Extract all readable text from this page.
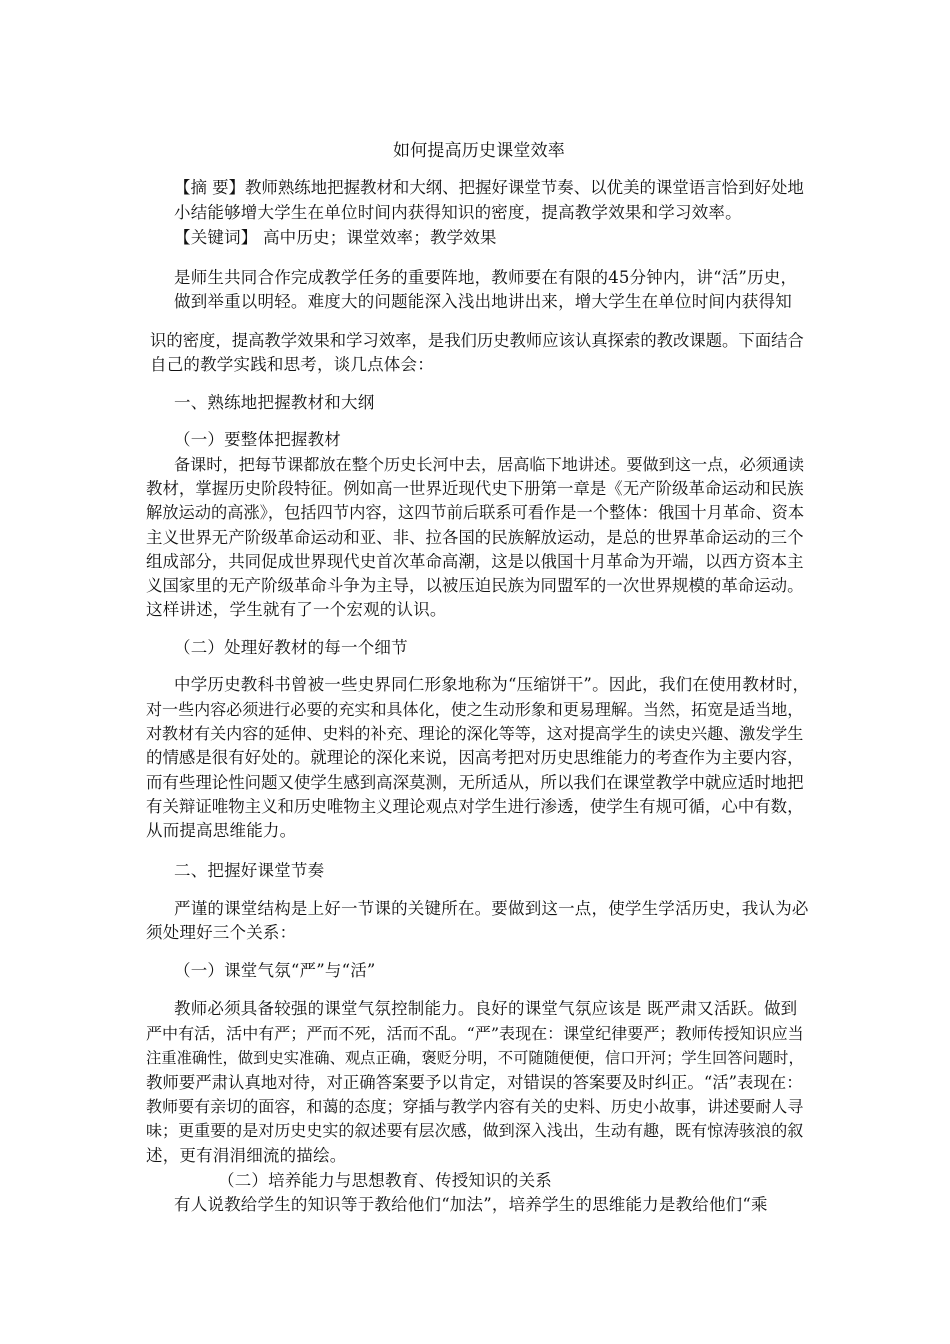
如何提高历史课堂效率

【摘 要】教师熟练地把握教材和大纲、把握好课堂节奏、以优美的课堂语言恰到好处地

小结能够增大学生在单位时间内获得知识的密度，提高教学效果和学习效率。

【关键词】 高中历史；课堂效率；教学效果

是师生共同合作完成教学任务的重要阵地，教师要在有限的45分钟内，讲“活”历史，

做到举重以明轻。难度大的问题能深入浅出地讲出来，增大学生在单位时间内获得知

识的密度，提高教学效果和学习效率，是我们历史教师应该认真探索的教改课题。下面结合

自己的教学实践和思考，谈几点体会：

一、熟练地把握教材和大纲

（一）要整体把握教材

备课时，把每节课都放在整个历史长河中去，居高临下地讲述。要做到这一点，必须通读

教材，掌握历史阶段特征。例如高一世界近现代史下册第一章是《无产阶级革命运动和民族

解放运动的高涨》，包括四节内容，这四节前后联系可看作是一个整体：俄国十月革命、资本

主义世界无产阶级革命运动和亚、非、拉各国的民族解放运动，是总的世界革命运动的三个

组成部分，共同促成世界现代史首次革命高潮，这是以俄国十月革命为开端，以西方资本主

义国家里的无产阶级革命斗争为主导，以被压迫民族为同盟军的一次世界规模的革命运动。

这样讲述，学生就有了一个宏观的认识。

（二）处理好教材的每一个细节

中学历史教科书曾被一些史界同仁形象地称为“压缩饼干”。因此，我们在使用教材时，

对一些内容必须进行必要的充实和具体化，使之生动形象和更易理解。当然，拓宽是适当地，

对教材有关内容的延伸、史料的补充、理论的深化等等，这对提高学生的读史兴趣、激发学生

的情感是很有好处的。就理论的深化来说，因高考把对历史思维能力的考查作为主要内容，

而有些理论性问题又使学生感到高深莫测，无所适从，所以我们在课堂教学中就应适时地把

有关辩证唯物主义和历史唯物主义理论观点对学生进行渗透，使学生有规可循，心中有数，

从而提高思维能力。

二、把握好课堂节奏

严谨的课堂结构是上好一节课的关键所在。要做到这一点，使学生学活历史，我认为必

须处理好三个关系：

（一）课堂气氛“严”与“活”

教师必须具备较强的课堂气氛控制能力。良好的课堂气氛应该是 既严肃又活跃。做到

严中有活，活中有严；严而不死，活而不乱。“严”表现在：课堂纪律要严；教师传授知识应当

注重准确性，做到史实准确、观点正确，褒贬分明，不可随随便便，信口开河；学生回答问题时，

教师要严肃认真地对待，对正确答案要予以肯定，对错误的答案要及时纠正。“活”表现在：

教师要有亲切的面容，和蔼的态度；穿插与教学内容有关的史料、历史小故事，讲述要耐人寻

味；更重要的是对历史史实的叙述要有层次感，做到深入浅出，生动有趣，既有惊涛骇浪的叙

述，更有涓涓细流的描绘。

（二）培养能力与思想教育、传授知识的关系

有人说教给学生的知识等于教给他们“加法”，培养学生的思维能力是教给他们“乘
